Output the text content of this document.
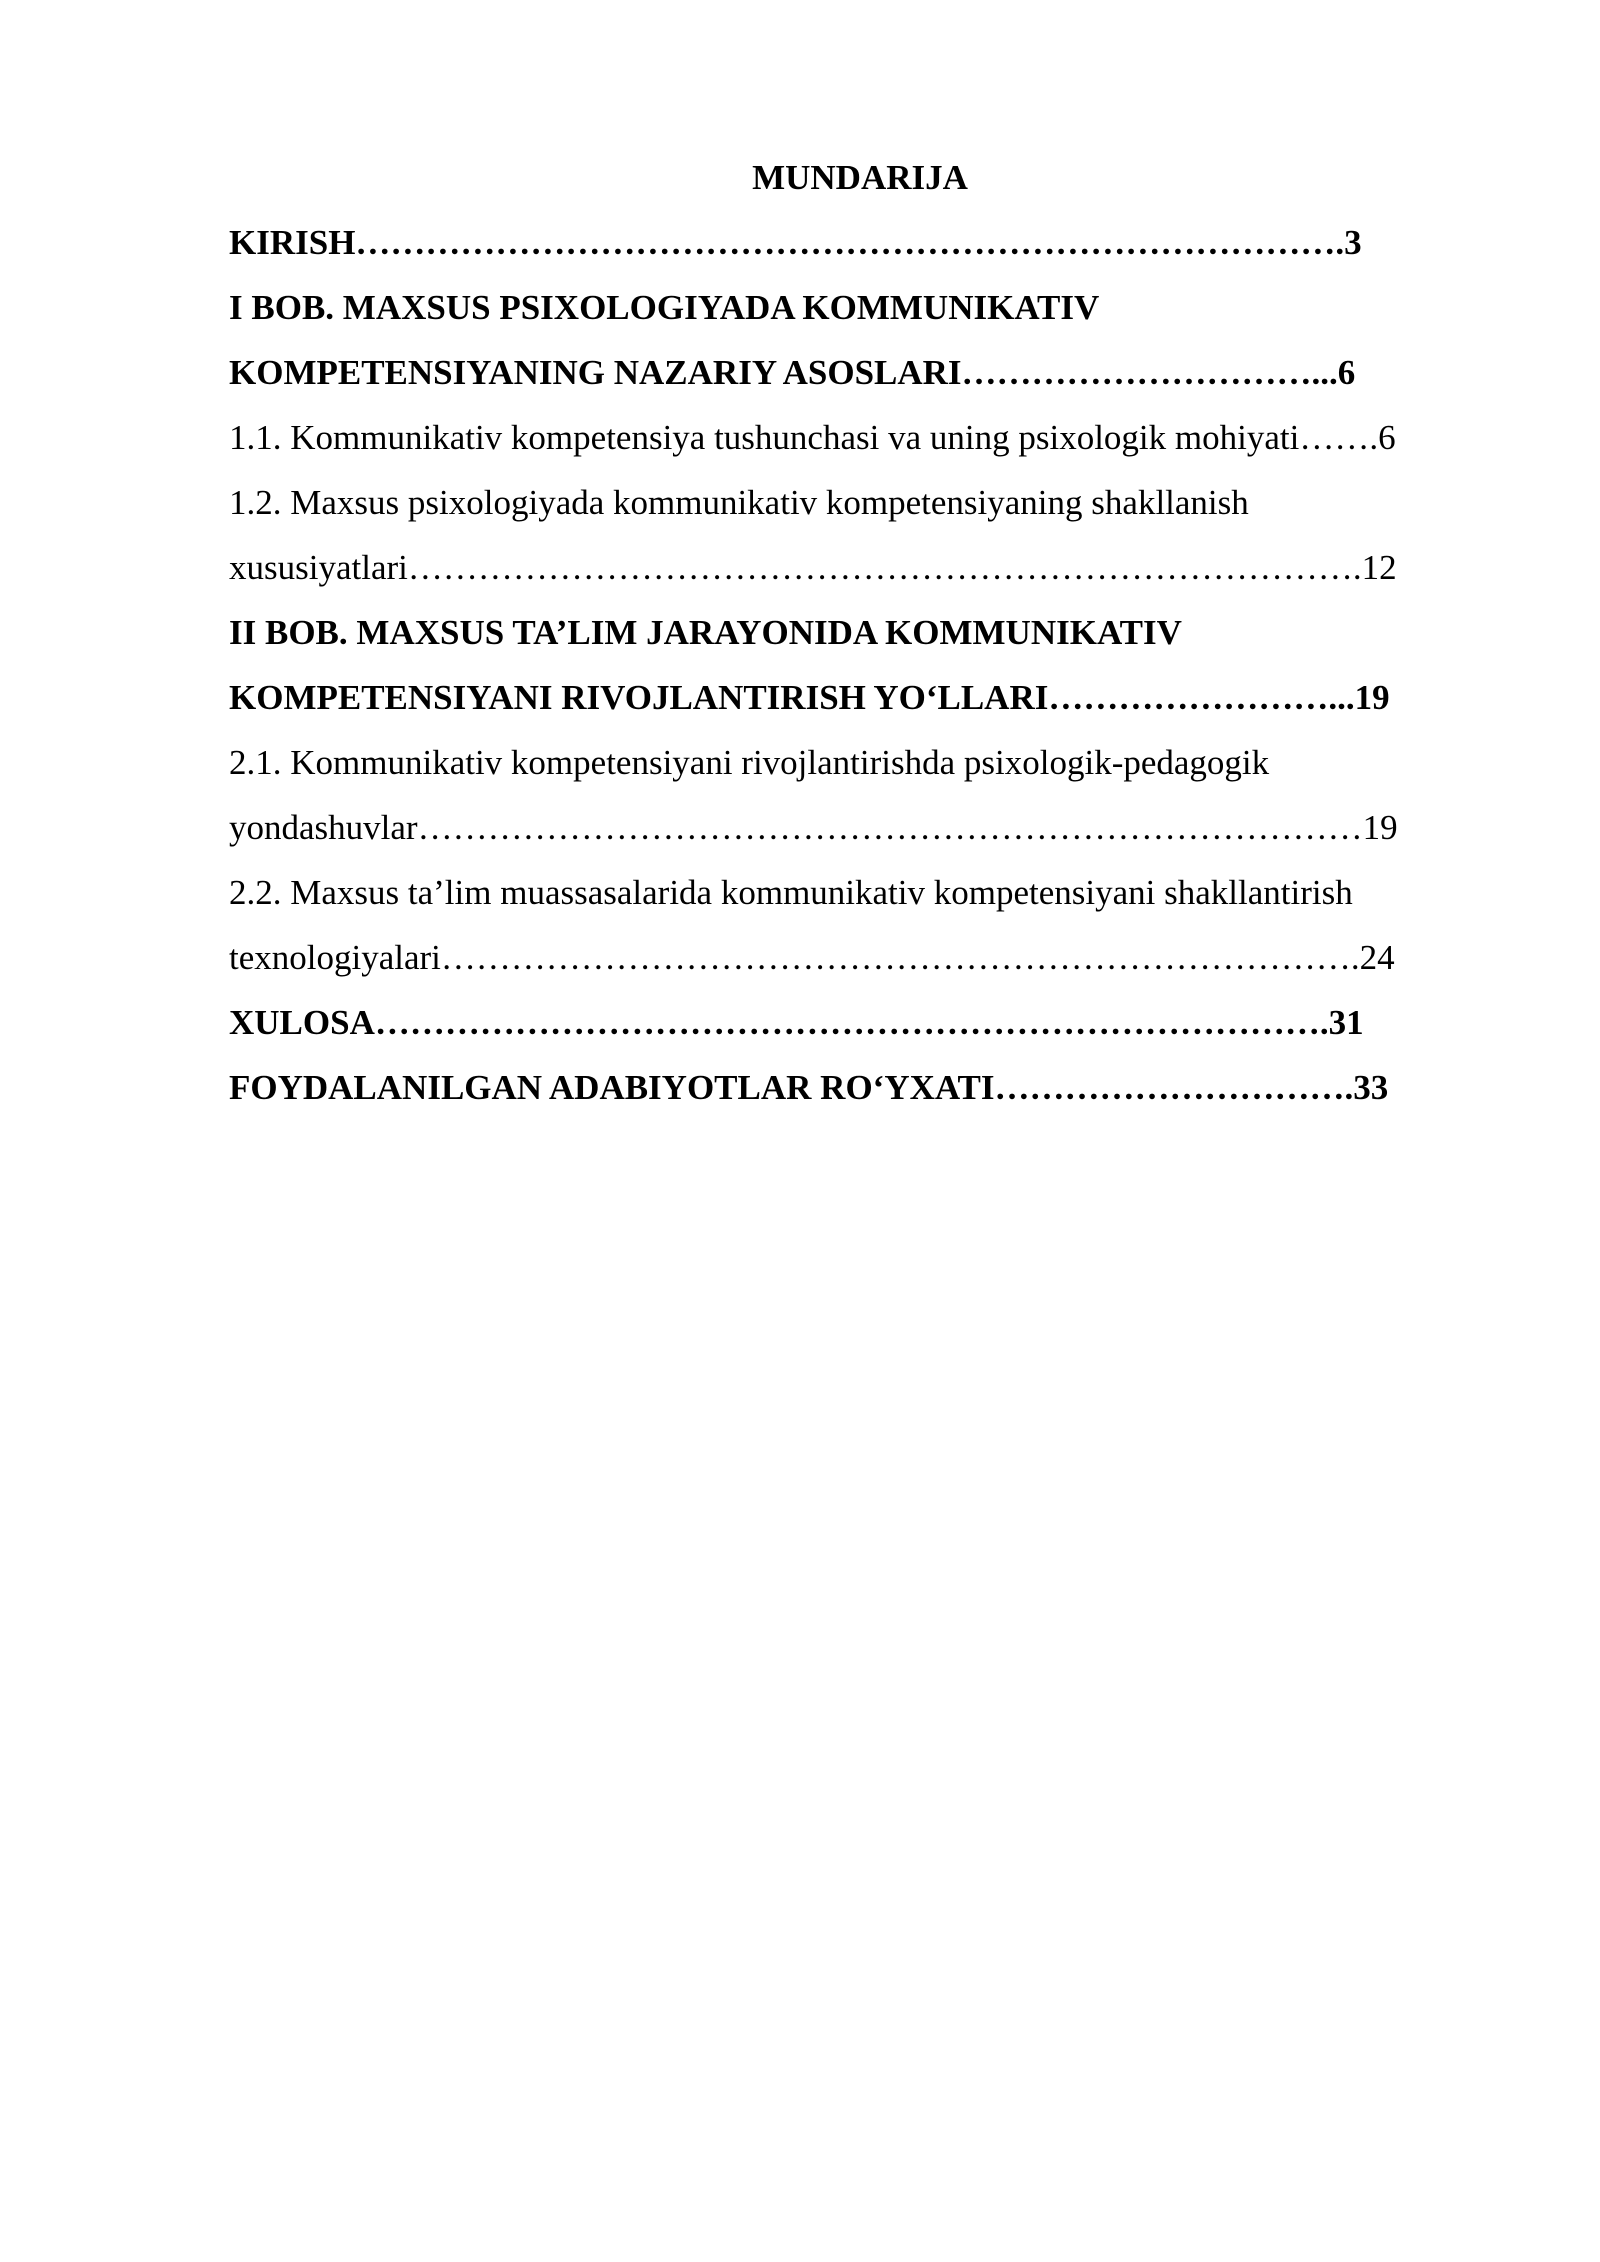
MUNDARIJA
KIRISH………………………………………………………………………….3
I BOB. MAXSUS PSIXOLOGIYADA KOMMUNIKATIV
KOMPETENSIYANING NAZARIY ASOSLARI…………………………...6
1.1. Kommunikativ kompetensiya tushunchasi va uning psixologik mohiyati…….6
1.2. Maxsus psixologiyada kommunikativ kompetensiyaning shakllanish
xususiyatlari……………………………………………………………………….12
II BOB. MAXSUS TA’LIM JARAYONIDA KOMMUNIKATIV
KOMPETENSIYANI RIVOJLANTIRISH YO‘LLARI……………………...19
2.1. Kommunikativ kompetensiyani rivojlantirishda psixologik-pedagogik
yondashuvlar………………………………………………………………………19
2.2. Maxsus ta’lim muassasalarida kommunikativ kompetensiyani shakllantirish
texnologiyalari…………………………………………………………………….24
XULOSA……………………………………………………………………….31
FOYDALANILGAN ADABIYOTLAR RO‘YXATI………………………….33
